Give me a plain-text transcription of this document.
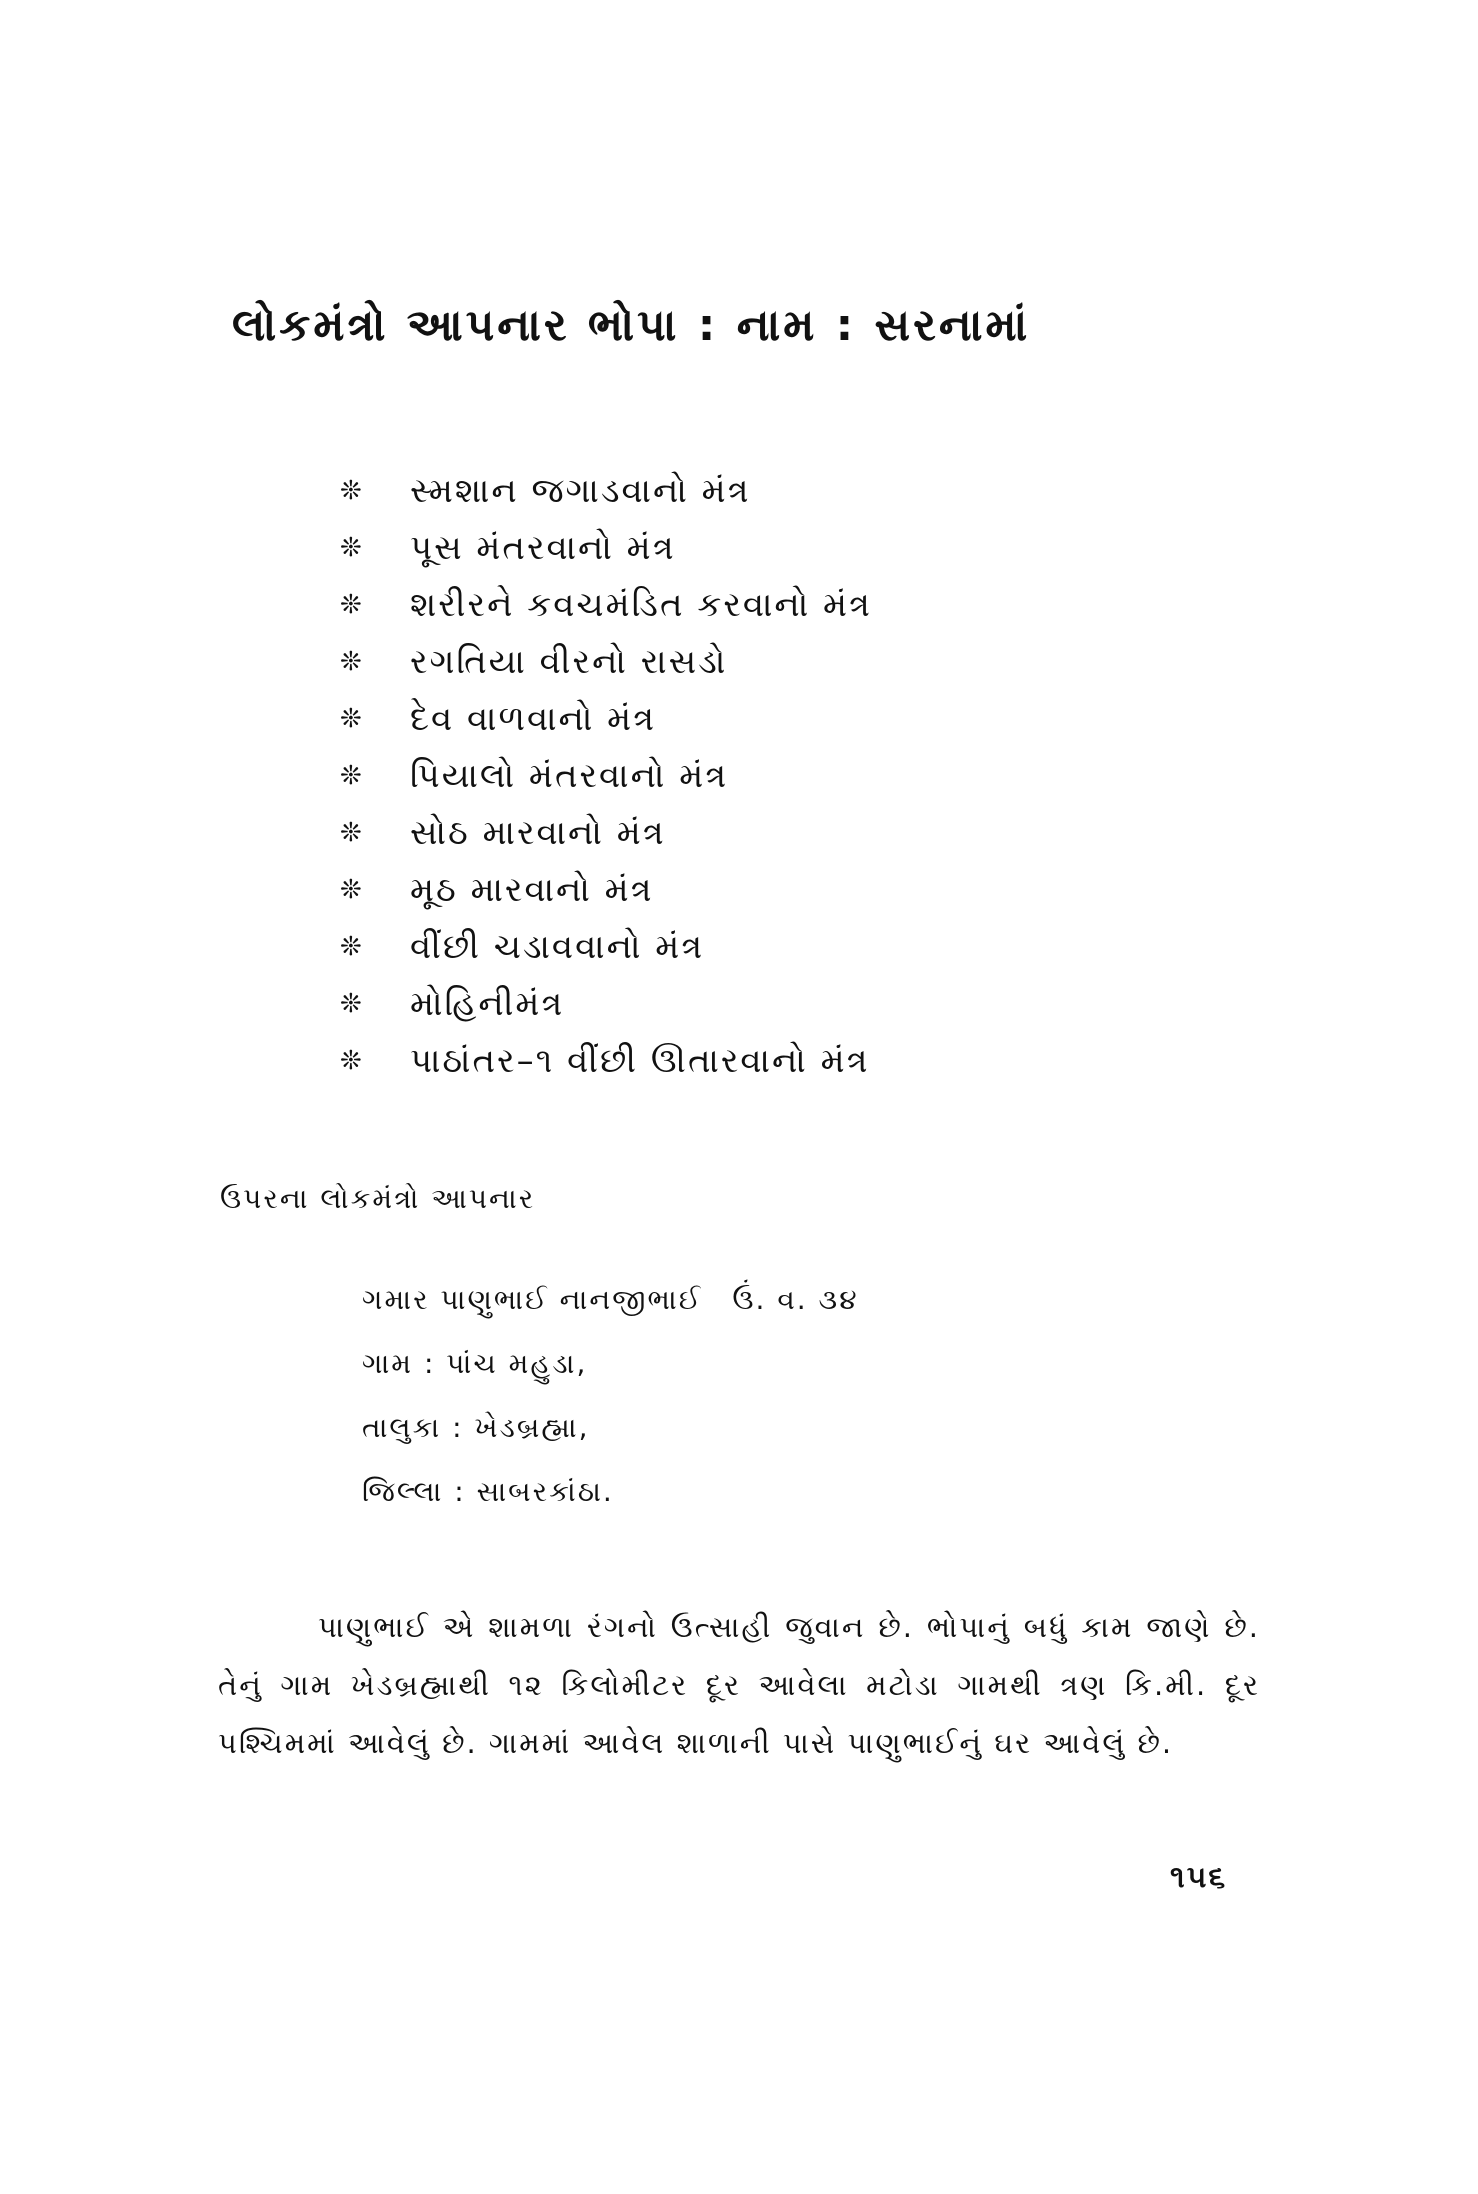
લોકમંત્રો આપનાર ભોપા : નામ : સરનામાં
❊	સ્મશાન જગાડવાનો મંત્ર
❊	પૂસ મંતરવાનો મંત્ર
❊	શરીરને કવચમંડિત કરવાનો મંત્ર
❊	રગતિયા વીરનો રાસડો
❊	દેવ વાળવાનો મંત્ર
❊	પિયાલો મંતરવાનો મંત્ર
❊	સોઠ મારવાનો મંત્ર
❊	મૂઠ મારવાનો મંત્ર
❊	વીંછી ચડાવવાનો મંત્ર
❊	મોહિનીમંત્ર
❊	પાઠાંતર–૧ વીંછી ઊતારવાનો મંત્ર
ઉપરના લોકમંત્રો આપનાર
ગમાર પાણુભાઈ નાનજીભાઈ ઉં. વ. ૩૪
ગામ : પાંચ મહુડા,
તાલુકા : ખેડબ્રહ્મા,
જિલ્લા : સાબરકાંઠા.

પાણુભાઈ એ શામળા રંગનો ઉત્સાહી જુવાન છે. ભોપાનું બધું કામ જાણે છે. તેનું ગામ ખેડબ્રહ્માથી ૧૨ કિલોમીટર દૂર આવેલા મટોડા ગામથી ત્રણ કિ.મી. દૂર પશ્ચિમમાં આવેલું છે. ગામમાં આવેલ શાળાની પાસે પાણુભાઈનું ઘર આવેલું છે.

૧૫૬
